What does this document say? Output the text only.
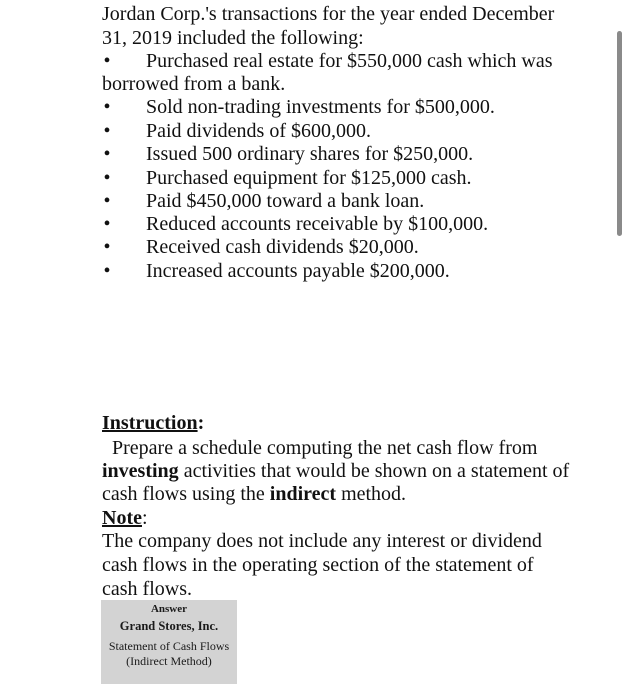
Jordan Corp.'s transactions for the year ended December
31, 2019 included the following:
• Purchased real estate for $550,000 cash which was
borrowed from a bank.
• Sold non-trading investments for $500,000.
• Paid dividends of $600,000.
• Issued 500 ordinary shares for $250,000.
• Purchased equipment for $125,000 cash.
• Paid $450,000 toward a bank loan.
• Reduced accounts receivable by $100,000.
• Received cash dividends $20,000.
• Increased accounts payable $200,000.
Instruction:
Prepare a schedule computing the net cash flow from
investing activities that would be shown on a statement of
cash flows using the indirect method.
Note:
The company does not include any interest or dividend
cash flows in the operating section of the statement of
cash flows.
Answer
Grand Stores, Inc.
Statement of Cash Flows
(Indirect Method)
